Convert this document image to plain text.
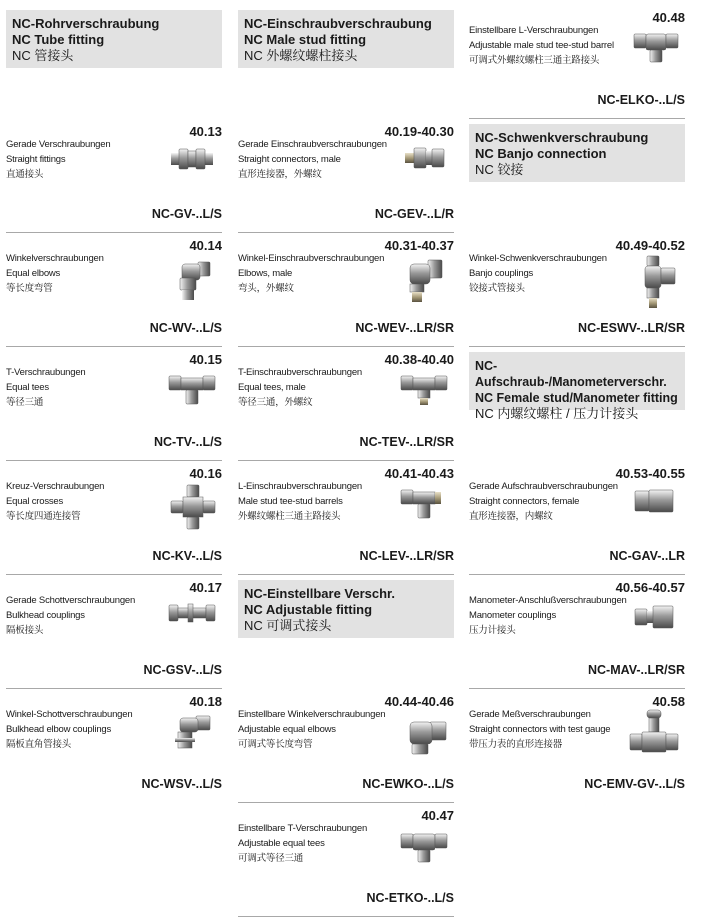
NC-Rohrverschraubung
NC Tube fitting
NC 管接头
NC-Einschraubverschraubung
NC Male stud fitting
NC 外螺纹螺柱接头
NC-Schwenkverschraubung
NC Banjo connection
NC 铰接
NC-Aufschraub-/Manometerverschr.
NC Female stud/Manometer fitting
NC 内螺纹螺柱 / 压力计接头
NC-Einstellbare Verschr.
NC Adjustable fitting
NC 可调式接头
Gerade Verschraubungen
Straight fittings
直通接头
40.13
NC-GV-..L/S
Winkelverschraubungen
Equal elbows
等长度弯管
40.14
NC-WV-..L/S
T-Verschraubungen
Equal tees
等径三通
40.15
NC-TV-..L/S
Kreuz-Verschraubungen
Equal crosses
等长度四通连接管
40.16
NC-KV-..L/S
Gerade Schottverschraubungen
Bulkhead couplings
隔板接头
40.17
NC-GSV-..L/S
Winkel-Schottverschraubungen
Bulkhead elbow couplings
隔板直角管接头
40.18
NC-WSV-..L/S
Gerade Einschraubverschraubungen
Straight connectors, male
直形连接器，外螺纹
40.19-40.30
NC-GEV-..L/R
Winkel-Einschraubverschraubungen
Elbows, male
弯头，外螺纹
40.31-40.37
NC-WEV-..LR/SR
T-Einschraubverschraubungen
Equal tees, male
等径三通，外螺纹
40.38-40.40
NC-TEV-..LR/SR
L-Einschraubverschraubungen
Male stud tee-stud barrels
外螺纹螺柱三通主路接头
40.41-40.43
NC-LEV-..LR/SR
Einstellbare Winkelverschraubungen
Adjustable equal elbows
可调式等长度弯管
40.44-40.46
NC-EWKO-..L/S
Einstellbare T-Verschraubungen
Adjustable equal tees
可调式等径三通
40.47
NC-ETKO-..L/S
Einstellbare L-Verschraubungen
Adjustable male stud tee-stud barrel
可调式外螺纹螺柱三通主路接头
40.48
NC-ELKO-..L/S
Winkel-Schwenkverschraubungen
Banjo couplings
铰接式管接头
40.49-40.52
NC-ESWV-..LR/SR
Gerade Aufschraubverschraubungen
Straight connectors, female
直形连接器，内螺纹
40.53-40.55
NC-GAV-..LR
Manometer-Anschlußverschraubungen
Manometer couplings
压力计接头
40.56-40.57
NC-MAV-..LR/SR
Gerade Meßverschraubungen
Straight connectors with test gauge
带压力表的直形连接器
40.58
NC-EMV-GV-..L/S
